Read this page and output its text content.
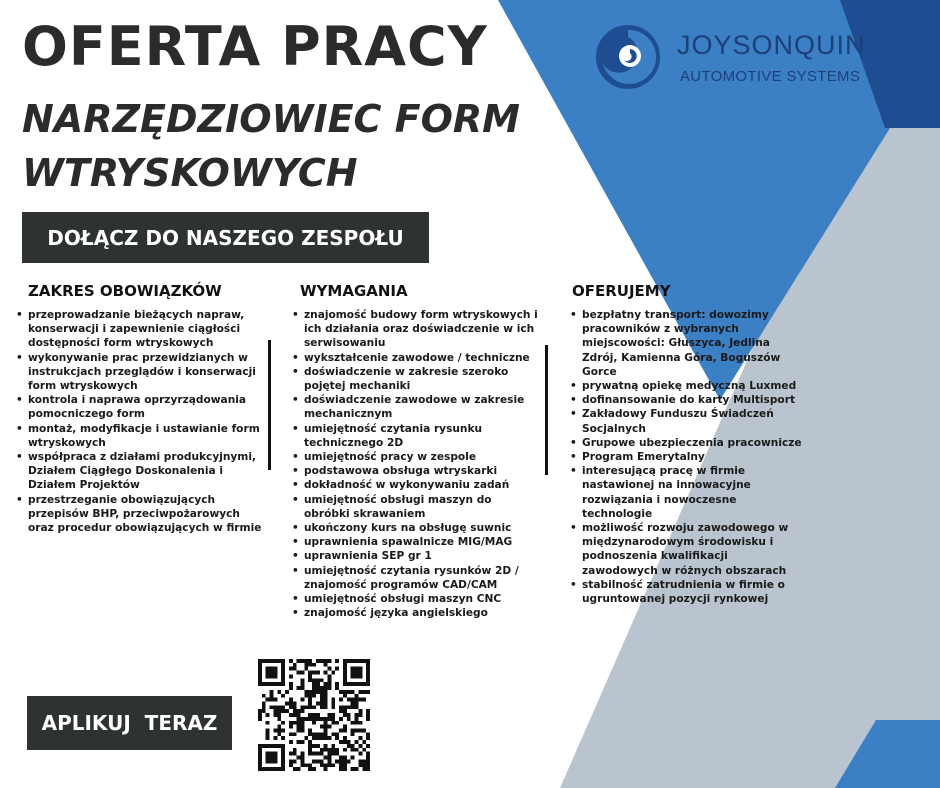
OFERTA PRACY
NARZĘDZIOWIEC FORM WTRYSKOWYCH
DOŁĄCZ DO NASZEGO ZESPOŁU
JOYSONQUIN
AUTOMOTIVE SYSTEMS
ZAKRES OBOWIĄZKÓW
• przeprowadzanie bieżących napraw, konserwacji i zapewnienie ciągłości dostępności form wtryskowych
• wykonywanie prac przewidzianych w instrukcjach przeglądów i konserwacji form wtryskowych
• kontrola i naprawa oprzyrządowania pomocniczego form
• montaż, modyfikacje i ustawianie form wtryskowych
• współpraca z działami produkcyjnymi, Działem Ciągłego Doskonalenia i Działem Projektów
• przestrzeganie obowiązujących przepisów BHP, przeciwpożarowych oraz procedur obowiązujących w firmie
WYMAGANIA
• znajomość budowy form wtryskowych i ich działania oraz doświadczenie w ich serwisowaniu
• wykształcenie zawodowe / techniczne
• doświadczenie w zakresie szeroko pojętej mechaniki
• doświadczenie zawodowe w zakresie mechanicznym
• umiejętność czytania rysunku technicznego 2D
• umiejętność pracy w zespole
• podstawowa obsługa wtryskarki
• dokładność w wykonywaniu zadań
• umiejętność obsługi maszyn do obróbki skrawaniem
• ukończony kurs na obsługę suwnic
• uprawnienia spawalnicze MIG/MAG
• uprawnienia SEP gr 1
• umiejętność czytania rysunków 2D / znajomość programów CAD/CAM
• umiejętność obsługi maszyn CNC
• znajomość języka angielskiego
OFERUJEMY
• bezpłatny transport: dowozimy pracowników z wybranych miejscowości: Głuszyca, Jedlina Zdrój, Kamienna Góra, Boguszów Gorce
• prywatną opiekę medyczną Luxmed
• dofinansowanie do karty Multisport
• Zakładowy Funduszu Świadczeń Socjalnych
• Grupowe ubezpieczenia pracownicze
• Program Emerytalny
• interesującą pracę w firmie nastawionej na innowacyjne rozwiązania i nowoczesne technologie
• możliwość rozwoju zawodowego w międzynarodowym środowisku i podnoszenia kwalifikacji zawodowych w różnych obszarach
• stabilność zatrudnienia w firmie o ugruntowanej pozycji rynkowej
APLIKUJ  TERAZ
